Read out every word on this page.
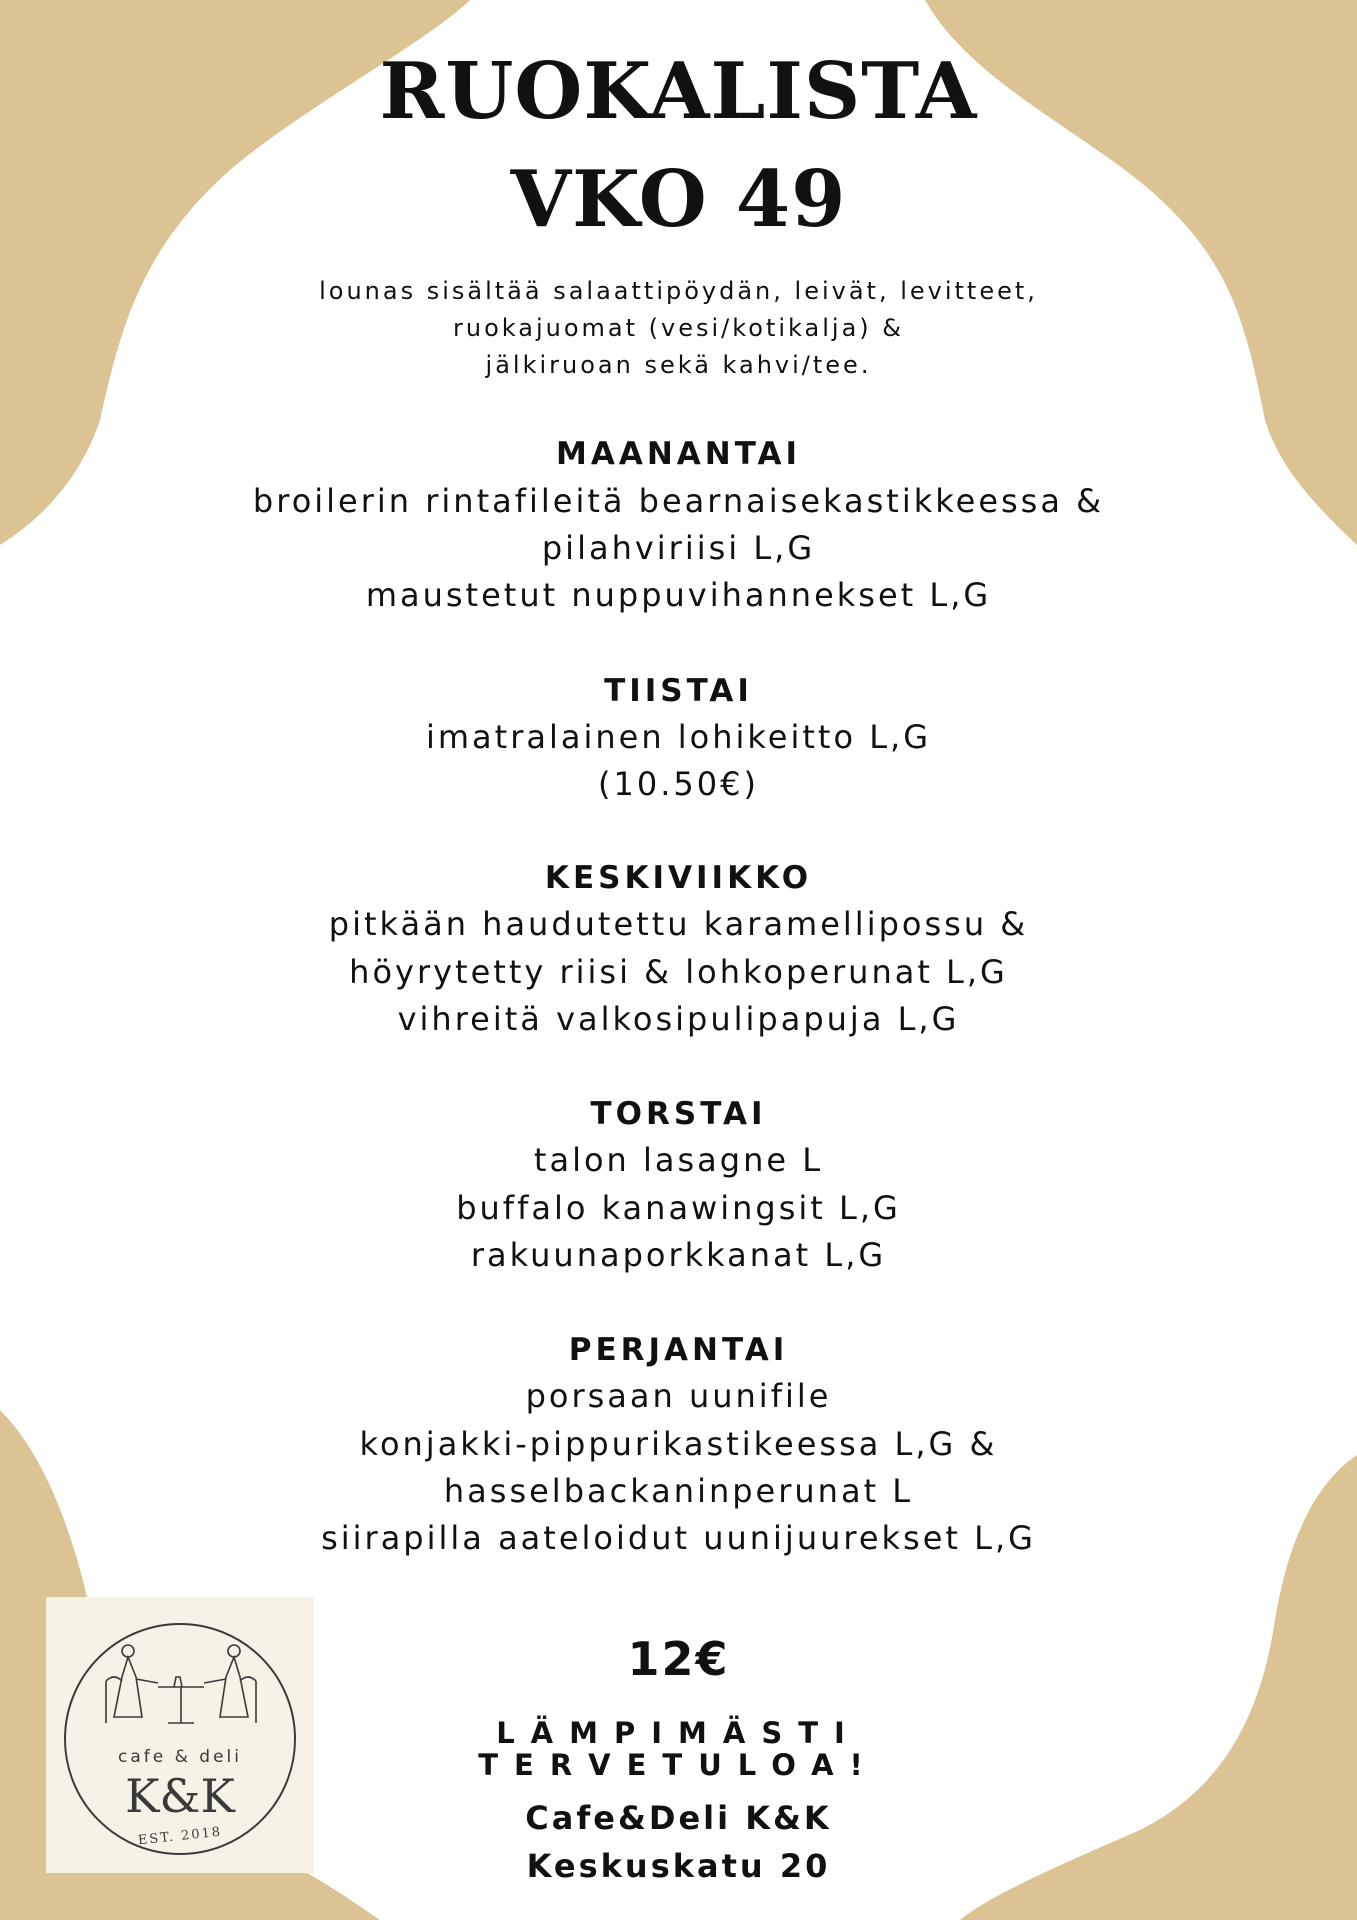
RUOKALISTA
VKO 49
lounas sisältää salaattipöydän, leivät, levitteet,
ruokajuomat (vesi/kotikalja) &
jälkiruoan sekä kahvi/tee.
MAANANTAI
broilerin rintafileitä bearnaisekastikkeessa &
pilahviriisi L,G
maustetut nuppuvihannekset L,G
TIISTAI
imatralainen lohikeitto L,G
(10.50€)
KESKIVIIKKO
pitkään haudutettu karamellipossu &
höyrytetty riisi & lohkoperunat L,G
vihreitä valkosipulipapuja L,G
TORSTAI
talon lasagne L
buffalo kanawingsit L,G
rakuunaporkkanat L,G
PERJANTAI
porsaan uunifile
konjakki-pippurikastikeessa L,G &
hasselbackaninperunat L
siirapilla aateloidut uunijuurekset L,G
12€
LÄMPIMÄSTI
TERVETULOA!
Cafe&Deli K&K
Keskuskatu 20
cafe & deli
K&K
EST. 2018
